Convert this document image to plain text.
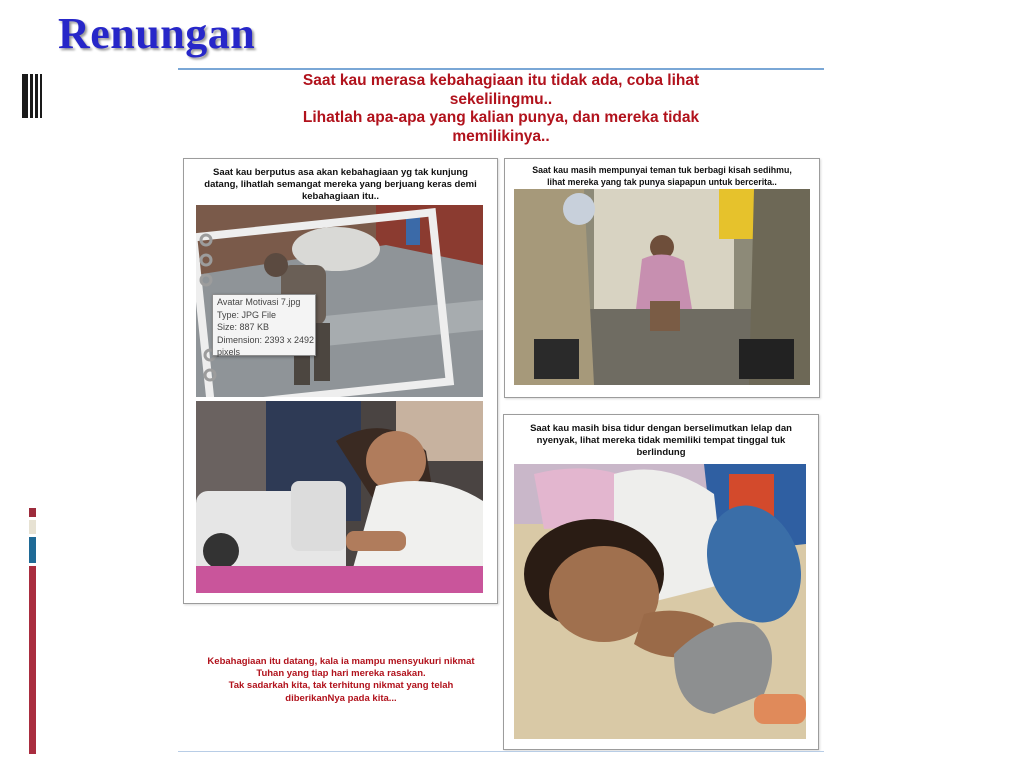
Renungan
Saat kau merasa kebahagiaan itu tidak ada, coba lihat
sekelilingmu..
Lihatlah apa-apa yang kalian punya, dan mereka tidak
memilikinya..
Saat kau berputus asa akan kebahagiaan yg tak kunjung
datang, lihatlah semangat mereka yang berjuang keras demi
kebahagiaan itu..
Saat kau masih mempunyai teman tuk berbagi kisah sedihmu,
lihat mereka yang tak punya siapapun untuk bercerita..
Saat kau masih bisa tidur dengan berselimutkan lelap dan
nyenyak, lihat mereka tidak memiliki tempat tinggal tuk
berlindung
Avatar Motivasi 7.jpg
Type: JPG File
Size: 887 KB
Dimension: 2393 x 2492
pixels
Kebahagiaan itu datang, kala ia mampu mensyukuri nikmat
Tuhan yang tiap hari mereka rasakan.
Tak sadarkah kita, tak terhitung nikmat yang telah
diberikanNya pada kita...
